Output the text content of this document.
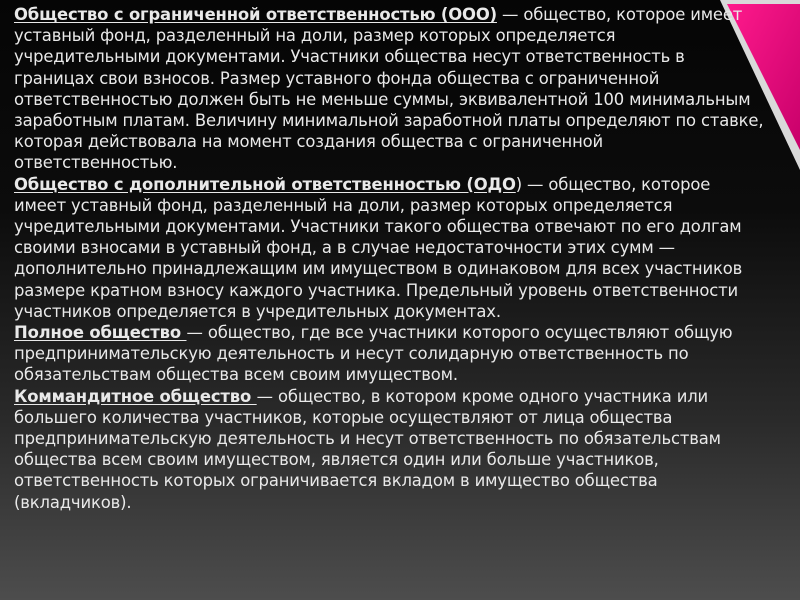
Общество с ограниченной ответственностью (ООО) — общество, которое имеет уставный фонд, разделенный на доли, размер которых определяется учредительными документами. Участники общества несут ответственность в границах свои взносов. Размер уставного фонда общества с ограниченной ответственностью должен быть не меньше суммы, эквивалентной 100 минимальным заработным платам. Величину минимальной заработной платы определяют по ставке, которая действовала на момент создания общества с ограниченной ответственностью.

Общество с дополнительной ответственностью (ОДО) — общество, которое имеет уставный фонд, разделенный на доли, размер которых определяется учредительными документами. Участники такого общества отвечают по его долгам своими взносами в уставный фонд, а в случае недостаточности этих сумм — дополнительно принадлежащим им имуществом в одинаковом для всех участников размере кратном взносу каждого участника. Предельный уровень ответственности участников определяется в учредительных документах.

Полное общество — общество, где все участники которого осуществляют общую предпринимательскую деятельность и несут солидарную ответственность по обязательствам общества всем своим имуществом.

Коммандитное общество — общество, в котором кроме одного участника или большего количества участников, которые осуществляют от лица общества предпринимательскую деятельность и несут ответственность по обязательствам общества всем своим имуществом, является один или больше участников, ответственность которых ограничивается вкладом в имущество общества (вкладчиков).
